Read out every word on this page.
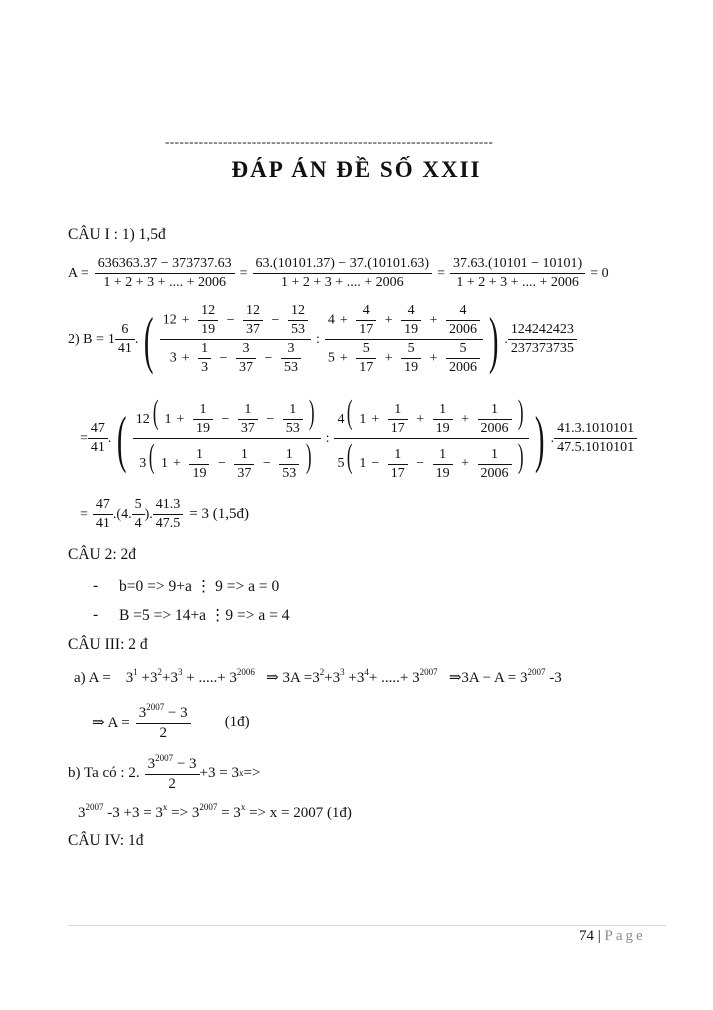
--------------------------------------------------------------------
ĐÁP ÁN ĐỀ SỐ XXII
CÂU I : 1) 1,5đ
$A = \frac{636363.37 - 373737.63}{1 + 2 + 3 + .... + 2006} = \frac{63.(10101.37) - 37.(10101.63)}{1 + 2 + 3 + .... + 2006} = \frac{37.63.(10101 - 10101)}{1 + 2 + 3 + .... + 2006} = 0$
2) $B = 1 \frac{6}{41}$ . ( $\frac{12 + \frac{12}{19} - \frac{12}{37} - \frac{12}{53}}{3 + \frac{1}{3} - \frac{3}{37} - \frac{3}{53}}$ : $\frac{4 + \frac{4}{17} + \frac{4}{19} + \frac{4}{2006}}{5 + \frac{5}{17} + \frac{5}{19} + \frac{5}{2006}}$ ) . $\frac{124242423}{237373735}$
= $\frac{47}{41}$ . ( 12( $1 + \frac{1}{19} - \frac{1}{37} - \frac{1}{53}$ )
3( $1 + \frac{1}{19} - \frac{1}{37} - \frac{1}{53}$ )	:
4( $1 + \frac{1}{17} + \frac{1}{19} + \frac{1}{2006}$ )
5( $1 - \frac{1}{17} - \frac{1}{19} + \frac{1}{2006}$ ) ) . $\frac{41.3.1010101}{47.5.1010101}$
= $\frac{47}{41} .(4$. $\frac{5}{4}$ ). $\frac{41.3}{47.5} = 3$ (1,5đ)
CÂU 2: 2đ
- b=0 => 9+a ⋮ 9 => a = 0
- B =5 => 14+a ⋮9 => a = 4
CÂU III: 2 đ
a) A =    $3^1 +3^2+3^3$ + .....+ $3^{2006}$ ⇒ $3A =3^2+3^3 +3^4+$ .....+ $3^{2007}$ ⇒3A − $A = 3^{2007}$ -3
⇒ $A = \frac{3^{2007} - 3}{2}$ (1đ)
b) Ta có : 2. $\frac{3^{2007} - 3}{2} +3 = 3$ x =>
$3^{2007}$ $-3 +3 = 3^x => 3^{2007} = 3^x => x = 2007$ (1đ)
CÂU IV: 1đ
74 | Page
